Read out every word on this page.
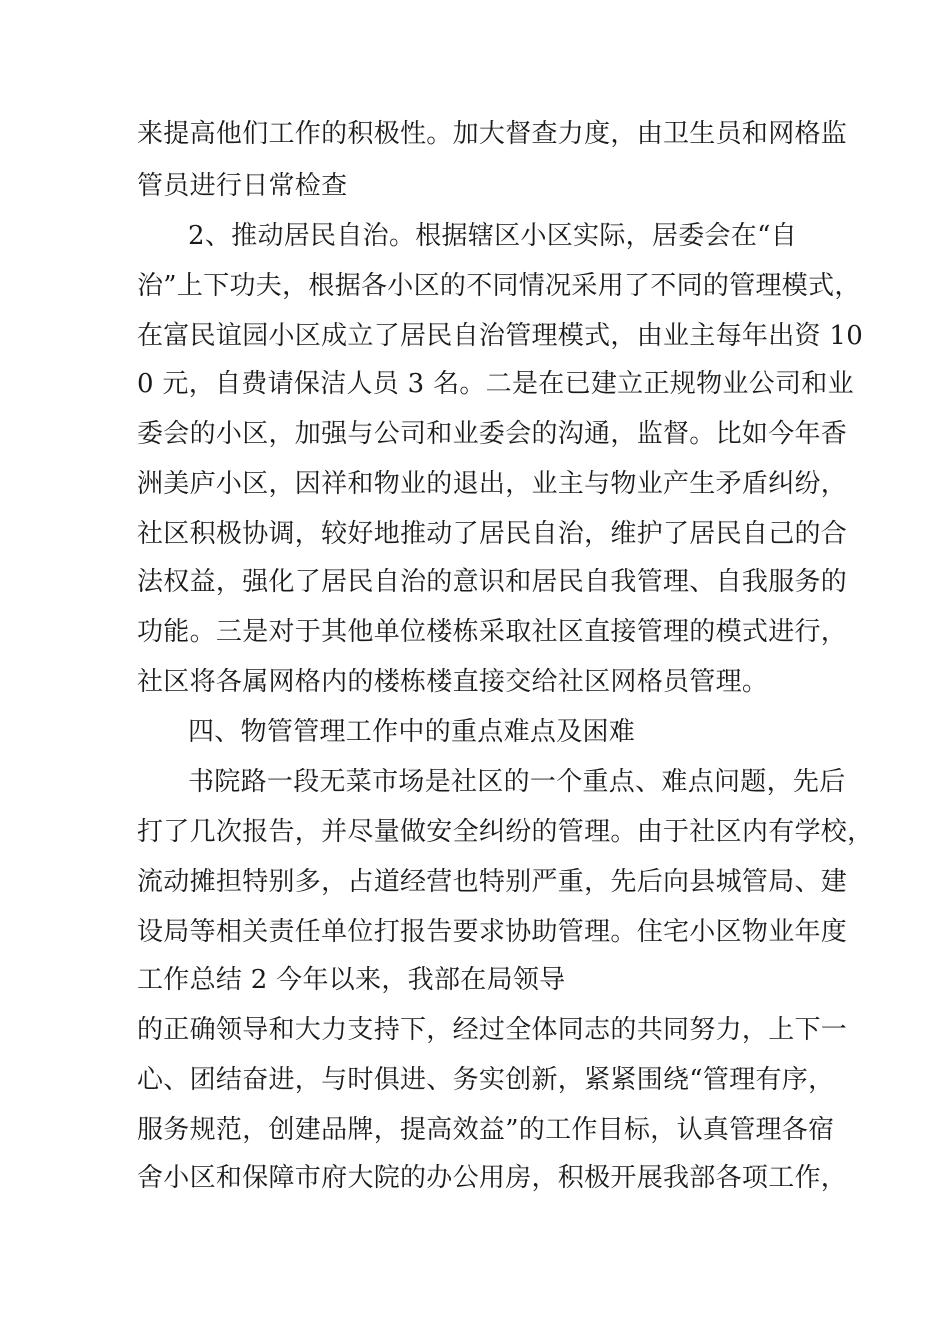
来提高他们工作的积极性。加大督查力度，由卫生员和网格监
管员进行日常检查
2、推动居民自治。根据辖区小区实际，居委会在“自
治”上下功夫，根据各小区的不同情况采用了不同的管理模式，
在富民谊园小区成立了居民自治管理模式，由业主每年出资 10
0 元，自费请保洁人员 3 名。二是在已建立正规物业公司和业
委会的小区，加强与公司和业委会的沟通，监督。比如今年香
洲美庐小区，因祥和物业的退出，业主与物业产生矛盾纠纷，
社区积极协调，较好地推动了居民自治，维护了居民自己的合
法权益，强化了居民自治的意识和居民自我管理、自我服务的
功能。三是对于其他单位楼栋采取社区直接管理的模式进行，
社区将各属网格内的楼栋楼直接交给社区网格员管理。
四、物管管理工作中的重点难点及困难
书院路一段无菜市场是社区的一个重点、难点问题，先后
打了几次报告，并尽量做安全纠纷的管理。由于社区内有学校，
流动摊担特别多，占道经营也特别严重，先后向县城管局、建
设局等相关责任单位打报告要求协助管理。住宅小区物业年度
工作总结 2 今年以来，我部在局领导
的正确领导和大力支持下，经过全体同志的共同努力，上下一
心、团结奋进，与时俱进、务实创新，紧紧围绕“管理有序，
服务规范，创建品牌，提高效益”的工作目标，认真管理各宿
舍小区和保障市府大院的办公用房，积极开展我部各项工作，
